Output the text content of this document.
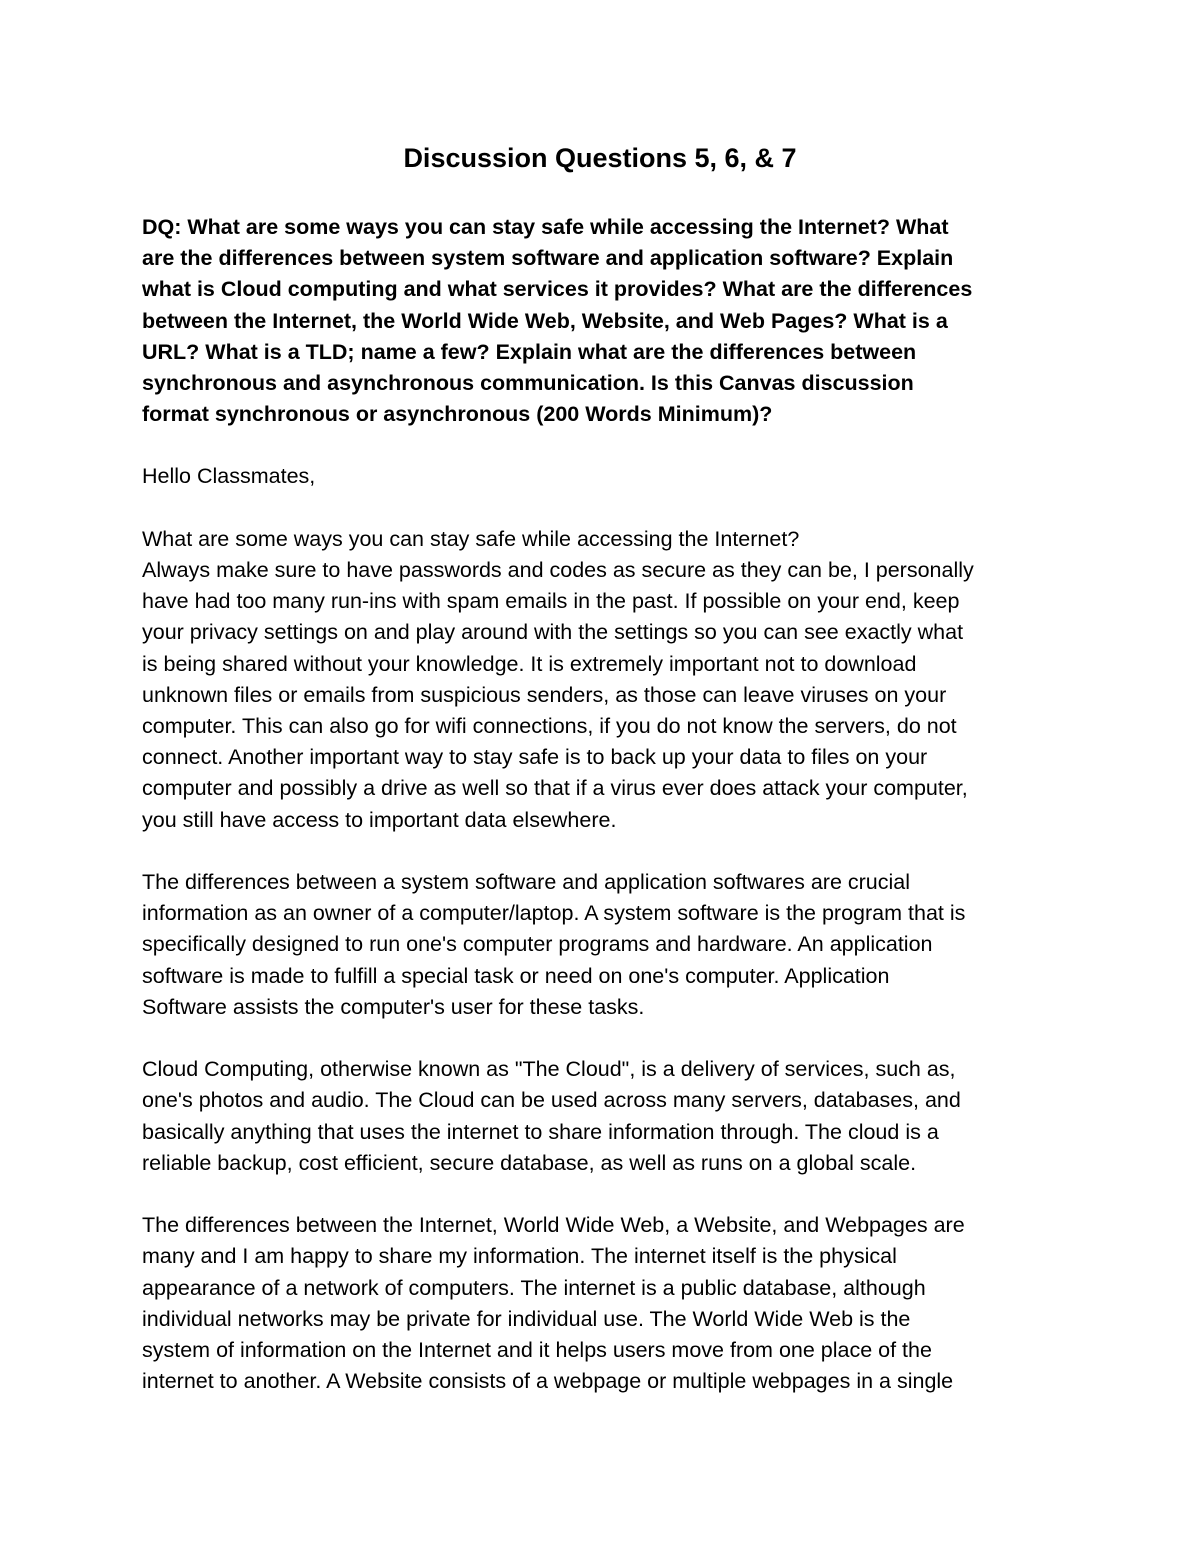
Discussion Questions 5, 6, & 7

DQ: What are some ways you can stay safe while accessing the Internet? What
are the differences between system software and application software? Explain
what is Cloud computing and what services it provides? What are the differences
between the Internet, the World Wide Web, Website, and Web Pages? What is a
URL? What is a TLD; name a few? Explain what are the differences between
synchronous and asynchronous communication. Is this Canvas discussion
format synchronous or asynchronous (200 Words Minimum)?

Hello Classmates,

What are some ways you can stay safe while accessing the Internet?
Always make sure to have passwords and codes as secure as they can be, I personally
have had too many run-ins with spam emails in the past. If possible on your end, keep
your privacy settings on and play around with the settings so you can see exactly what
is being shared without your knowledge. It is extremely important not to download
unknown files or emails from suspicious senders, as those can leave viruses on your
computer. This can also go for wifi connections, if you do not know the servers, do not
connect. Another important way to stay safe is to back up your data to files on your
computer and possibly a drive as well so that if a virus ever does attack your computer,
you still have access to important data elsewhere.

The differences between a system software and application softwares are crucial
information as an owner of a computer/laptop. A system software is the program that is
specifically designed to run one's computer programs and hardware. An application
software is made to fulfill a special task or need on one's computer. Application
Software assists the computer's user for these tasks.

Cloud Computing, otherwise known as "The Cloud", is a delivery of services, such as,
one's photos and audio. The Cloud can be used across many servers, databases, and
basically anything that uses the internet to share information through. The cloud is a
reliable backup, cost efficient, secure database, as well as runs on a global scale.

The differences between the Internet, World Wide Web, a Website, and Webpages are
many and I am happy to share my information. The internet itself is the physical
appearance of a network of computers. The internet is a public database, although
individual networks may be private for individual use. The World Wide Web is the
system of information on the Internet and it helps users move from one place of the
internet to another. A Website consists of a webpage or multiple webpages in a single
